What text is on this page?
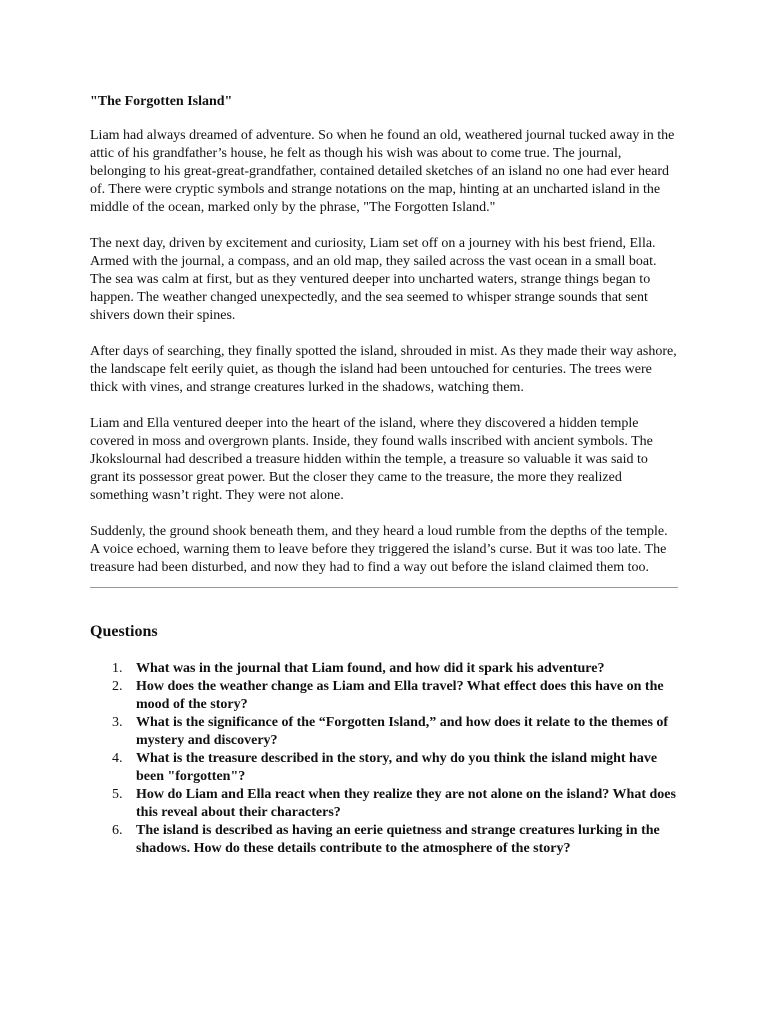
"The Forgotten Island"

Liam had always dreamed of adventure. So when he found an old, weathered journal tucked away in the attic of his grandfather’s house, he felt as though his wish was about to come true. The journal, belonging to his great-great-grandfather, contained detailed sketches of an island no one had ever heard of. There were cryptic symbols and strange notations on the map, hinting at an uncharted island in the middle of the ocean, marked only by the phrase, "The Forgotten Island."

The next day, driven by excitement and curiosity, Liam set off on a journey with his best friend, Ella. Armed with the journal, a compass, and an old map, they sailed across the vast ocean in a small boat. The sea was calm at first, but as they ventured deeper into uncharted waters, strange things began to happen. The weather changed unexpectedly, and the sea seemed to whisper strange sounds that sent shivers down their spines.

After days of searching, they finally spotted the island, shrouded in mist. As they made their way ashore, the landscape felt eerily quiet, as though the island had been untouched for centuries. The trees were thick with vines, and strange creatures lurked in the shadows, watching them.

Liam and Ella ventured deeper into the heart of the island, where they discovered a hidden temple covered in moss and overgrown plants. Inside, they found walls inscribed with ancient symbols. The Jkokslournal had described a treasure hidden within the temple, a treasure so valuable it was said to grant its possessor great power. But the closer they came to the treasure, the more they realized something wasn’t right. They were not alone.

Suddenly, the ground shook beneath them, and they heard a loud rumble from the depths of the temple. A voice echoed, warning them to leave before they triggered the island’s curse. But it was too late. The treasure had been disturbed, and now they had to find a way out before the island claimed them too.

Questions
1. What was in the journal that Liam found, and how did it spark his adventure?
2. How does the weather change as Liam and Ella travel? What effect does this have on the mood of the story?
3. What is the significance of the “Forgotten Island,” and how does it relate to the themes of mystery and discovery?
4. What is the treasure described in the story, and why do you think the island might have been "forgotten"?
5. How do Liam and Ella react when they realize they are not alone on the island? What does this reveal about their characters?
6. The island is described as having an eerie quietness and strange creatures lurking in the shadows. How do these details contribute to the atmosphere of the story?
